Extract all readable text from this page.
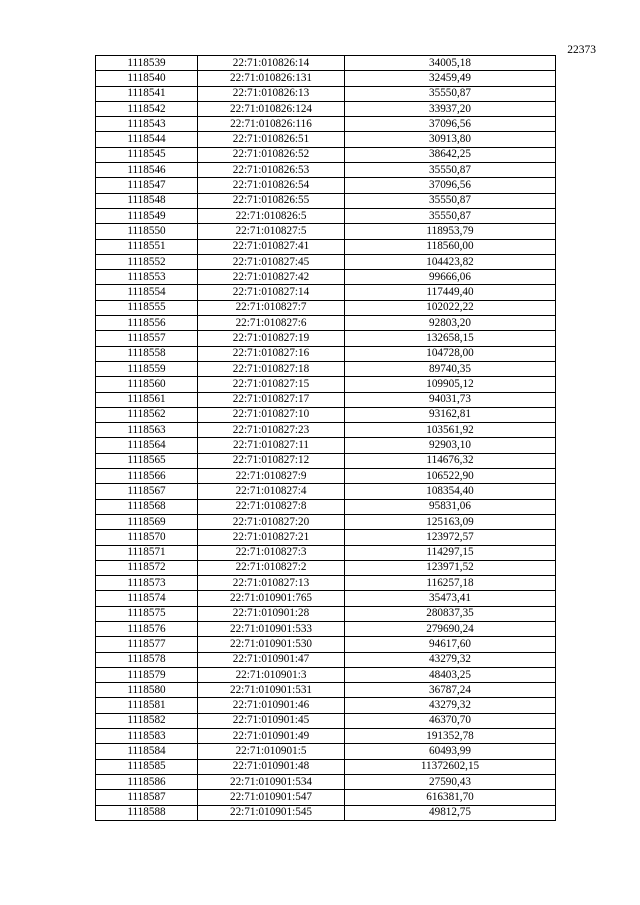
22373
1118539	22:71:010826:14	34005,18
1118540	22:71:010826:131	32459,49
1118541	22:71:010826:13	35550,87
1118542	22:71:010826:124	33937,20
1118543	22:71:010826:116	37096,56
1118544	22:71:010826:51	30913,80
1118545	22:71:010826:52	38642,25
1118546	22:71:010826:53	35550,87
1118547	22:71:010826:54	37096,56
1118548	22:71:010826:55	35550,87
1118549	22:71:010826:5	35550,87
1118550	22:71:010827:5	118953,79
1118551	22:71:010827:41	118560,00
1118552	22:71:010827:45	104423,82
1118553	22:71:010827:42	99666,06
1118554	22:71:010827:14	117449,40
1118555	22:71:010827:7	102022,22
1118556	22:71:010827:6	92803,20
1118557	22:71:010827:19	132658,15
1118558	22:71:010827:16	104728,00
1118559	22:71:010827:18	89740,35
1118560	22:71:010827:15	109905,12
1118561	22:71:010827:17	94031,73
1118562	22:71:010827:10	93162,81
1118563	22:71:010827:23	103561,92
1118564	22:71:010827:11	92903,10
1118565	22:71:010827:12	114676,32
1118566	22:71:010827:9	106522,90
1118567	22:71:010827:4	108354,40
1118568	22:71:010827:8	95831,06
1118569	22:71:010827:20	125163,09
1118570	22:71:010827:21	123972,57
1118571	22:71:010827:3	114297,15
1118572	22:71:010827:2	123971,52
1118573	22:71:010827:13	116257,18
1118574	22:71:010901:765	35473,41
1118575	22:71:010901:28	280837,35
1118576	22:71:010901:533	279690,24
1118577	22:71:010901:530	94617,60
1118578	22:71:010901:47	43279,32
1118579	22:71:010901:3	48403,25
1118580	22:71:010901:531	36787,24
1118581	22:71:010901:46	43279,32
1118582	22:71:010901:45	46370,70
1118583	22:71:010901:49	191352,78
1118584	22:71:010901:5	60493,99
1118585	22:71:010901:48	11372602,15
1118586	22:71:010901:534	27590,43
1118587	22:71:010901:547	616381,70
1118588	22:71:010901:545	49812,75
